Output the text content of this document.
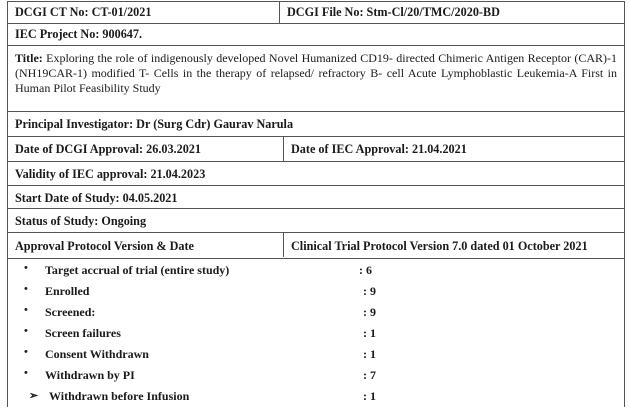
DCGI CT No: CT-01/2021	DCGI File No: Stm-Cl/20/TMC/2020-BD
IEC Project No: 900647.
Title: Exploring the role of indigenously developed Novel Humanized CD19- directed Chimeric Antigen Receptor (CAR)-1 (NH19CAR-1) modified T- Cells in the therapy of relapsed/ refractory B- cell Acute Lymphoblastic Leukemia-A First in Human Pilot Feasibility Study
Principal Investigator: Dr (Surg Cdr) Gaurav Narula
Date of DCGI Approval: 26.03.2021	Date of IEC Approval: 21.04.2021
Validity of IEC approval: 21.04.2023
Start Date of Study: 04.05.2021
Status of Study: Ongoing
Approval Protocol Version & Date	Clinical Trial Protocol Version 7.0 dated 01 October 2021
• Target accrual of trial (entire study)	: 6
• Enrolled	: 9
• Screened:	: 9
• Screen failures	: 1
• Consent Withdrawn	: 1
• Withdrawn by PI	: 7
➢ Withdrawn before Infusion	: 1
